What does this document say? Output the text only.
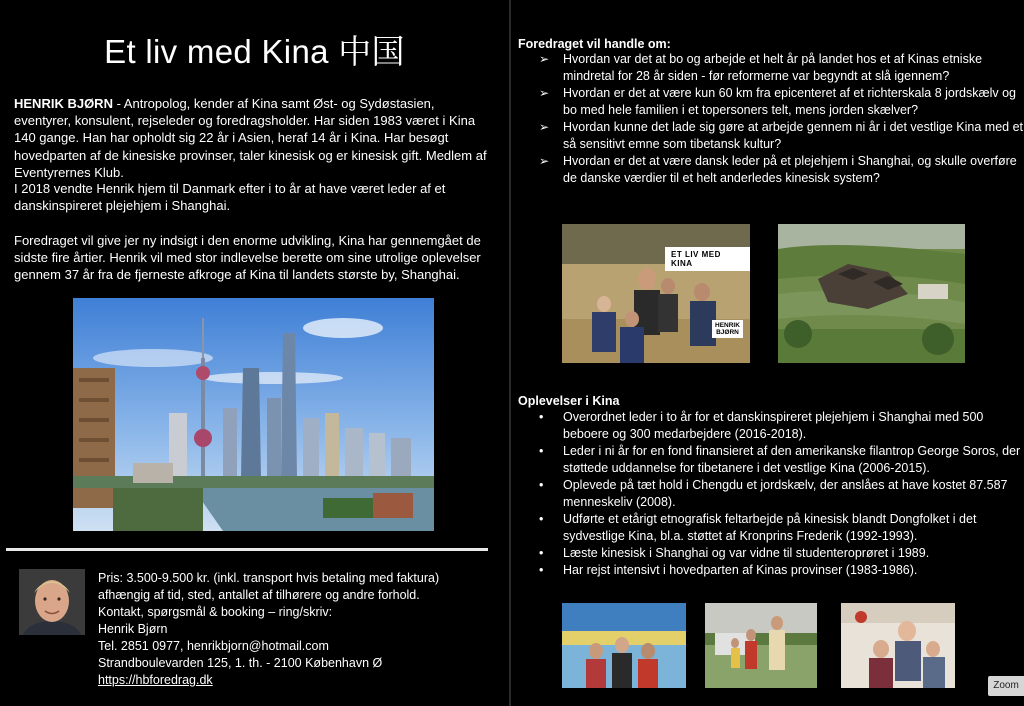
Et liv med Kina 中国

HENRIK BJØRN - Antropolog, kender af Kina samt Øst- og Sydøstasien, eventyrer, konsulent, rejseleder og foredragsholder. Har siden 1983 været i Kina 140 gange. Han har opholdt sig 22 år i Asien, heraf 14 år i Kina. Har besøgt hovedparten af de kinesiske provinser, taler kinesisk og er kinesisk gift. Medlem af Eventyrernes Klub.

I 2018 vendte Henrik hjem til Danmark efter i to år at have været leder af et danskinspireret plejehjem i Shanghai.

Foredraget vil give jer ny indsigt i den enorme udvikling, Kina har gennemgået de sidste fire årtier. Henrik vil med stor indlevelse berette om sine utrolige oplevelser gennem 37 år fra de fjerneste afkroge af Kina til landets største by, Shanghai.

Pris: 3.500-9.500 kr. (inkl. transport hvis betaling med faktura)
afhængig af tid, sted, antallet af tilhørere og andre forhold.
Kontakt, spørgsmål & booking – ring/skriv:
Henrik Bjørn
Tel. 2851 0977, henrikbjorn@hotmail.com
Strandboulevarden 125, 1. th. - 2100 København Ø
https://hbforedrag.dk
Foredraget vil handle om:
➢ Hvordan var det at bo og arbejde et helt år på landet hos et af Kinas etniske mindretal for 28 år siden - før reformerne var begyndt at slå igennem?
➢ Hvordan er det at være kun 60 km fra epicenteret af et richterskala 8 jordskælv og bo med hele familien i et topersoners telt, mens jorden skælver?
➢ Hvordan kunne det lade sig gøre at arbejde gennem ni år i det vestlige Kina med et så sensitivt emne som tibetansk kultur?
➢ Hvordan er det at være dansk leder på et plejehjem i Shanghai, og skulle overføre de danske værdier til et helt anderledes kinesisk system?
ET LIV MED KINA
HENRIK
BJØRN
Oplevelser i Kina
• Overordnet leder i to år for et danskinspireret plejehjem i Shanghai med 500 beboere og 300 medarbejdere (2016-2018).
• Leder i ni år for en fond finansieret af den amerikanske filantrop George Soros, der støttede uddannelse for tibetanere i det vestlige Kina (2006-2015).
• Oplevede på tæt hold i Chengdu et jordskælv, der anslåes at have kostet 87.587 menneskeliv (2008).
• Udførte et etårigt etnografisk feltarbejde på kinesisk blandt Dongfolket i det sydvestlige Kina, bl.a. støttet af Kronprins Frederik (1992-1993).
• Læste kinesisk i Shanghai og var vidne til studenteroprøret i 1989.
• Har rejst intensivt i hovedparten af Kinas provinser (1983-1986).
Zoom
